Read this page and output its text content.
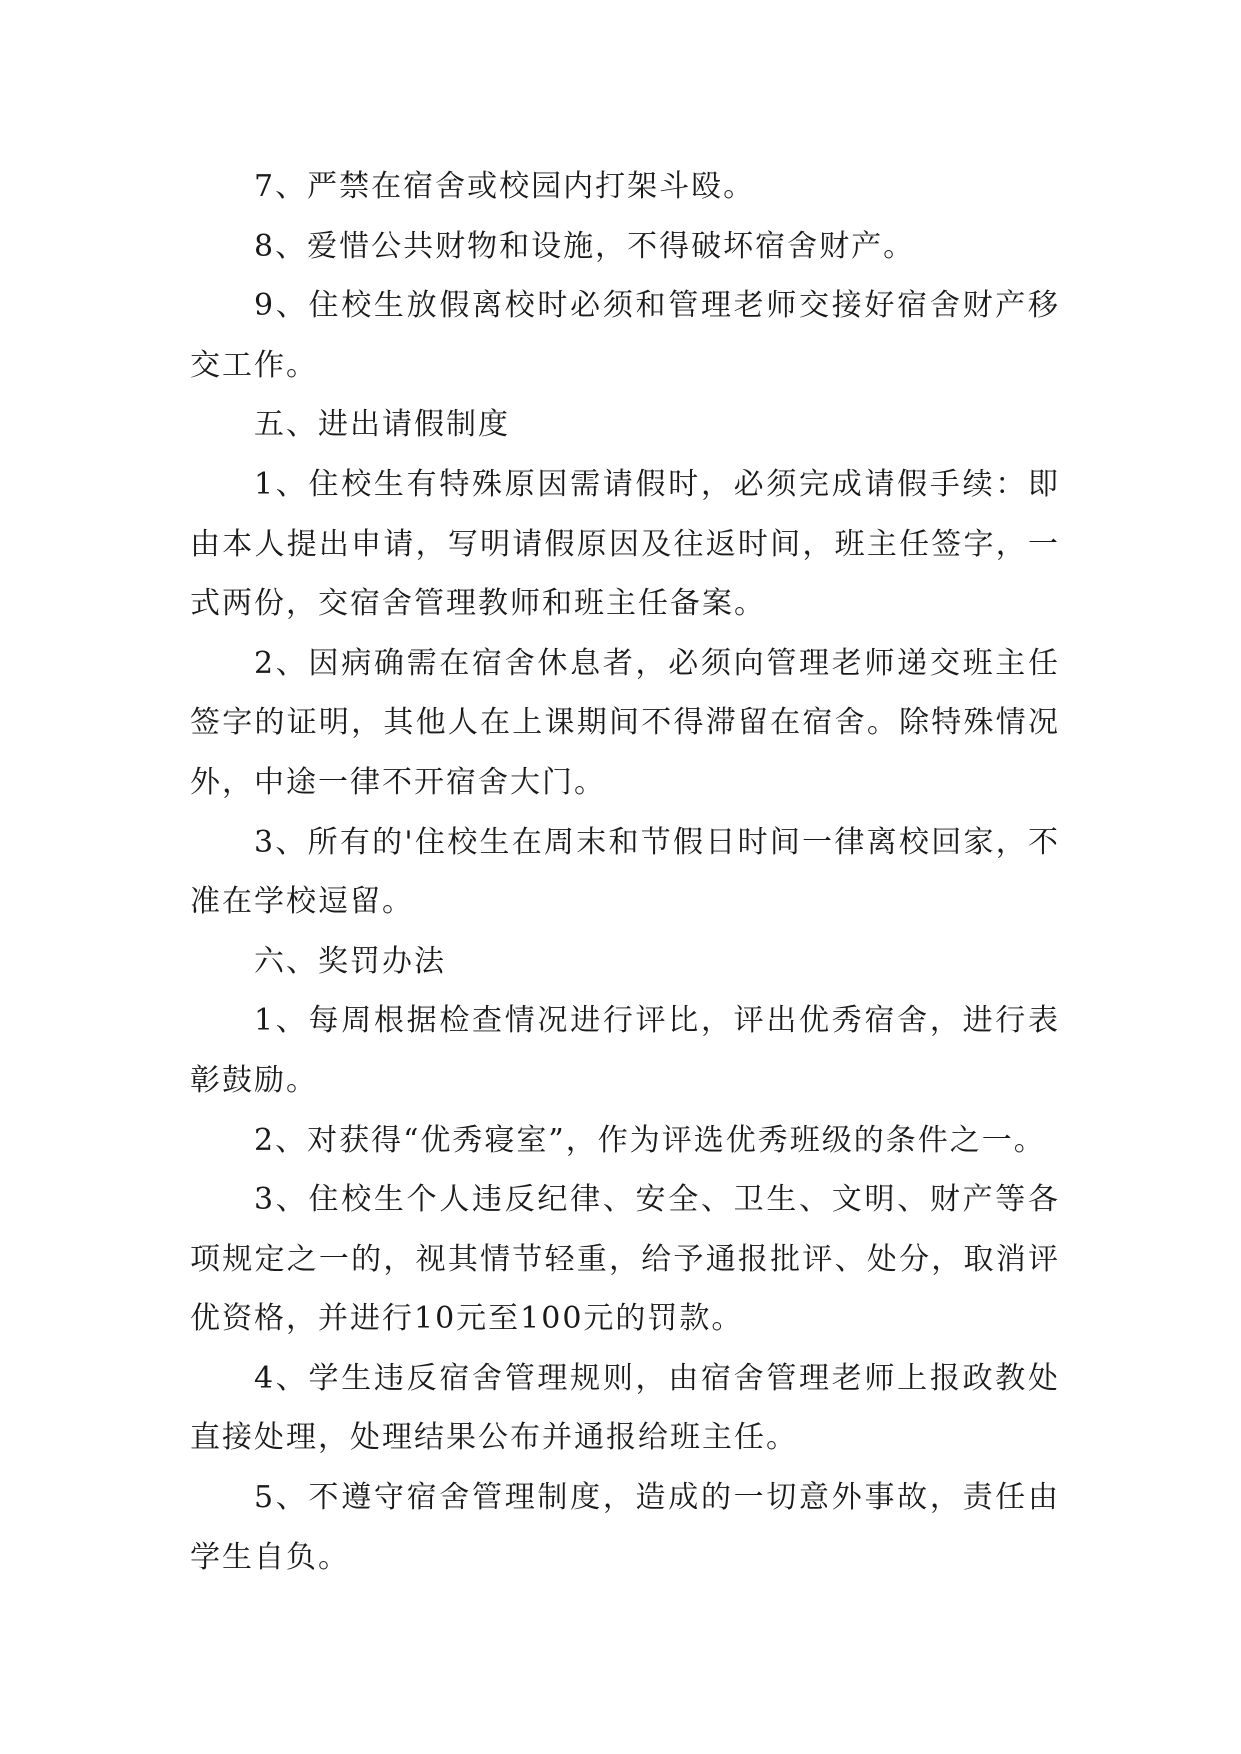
7、严禁在宿舍或校园内打架斗殴。

8、爱惜公共财物和设施，不得破坏宿舍财产。

9、住校生放假离校时必须和管理老师交接好宿舍财产移交工作。

五、进出请假制度

1、住校生有特殊原因需请假时，必须完成请假手续：即由本人提出申请，写明请假原因及往返时间，班主任签字，一式两份，交宿舍管理教师和班主任备案。

2、因病确需在宿舍休息者，必须向管理老师递交班主任签字的证明，其他人在上课期间不得滞留在宿舍。除特殊情况外，中途一律不开宿舍大门。

3、所有的'住校生在周末和节假日时间一律离校回家，不准在学校逗留。

六、奖罚办法

1、每周根据检查情况进行评比，评出优秀宿舍，进行表彰鼓励。

2、对获得“优秀寝室”，作为评选优秀班级的条件之一。

3、住校生个人违反纪律、安全、卫生、文明、财产等各项规定之一的，视其情节轻重，给予通报批评、处分，取消评优资格，并进行10元至100元的罚款。

4、学生违反宿舍管理规则，由宿舍管理老师上报政教处直接处理，处理结果公布并通报给班主任。

5、不遵守宿舍管理制度，造成的一切意外事故，责任由学生自负。
